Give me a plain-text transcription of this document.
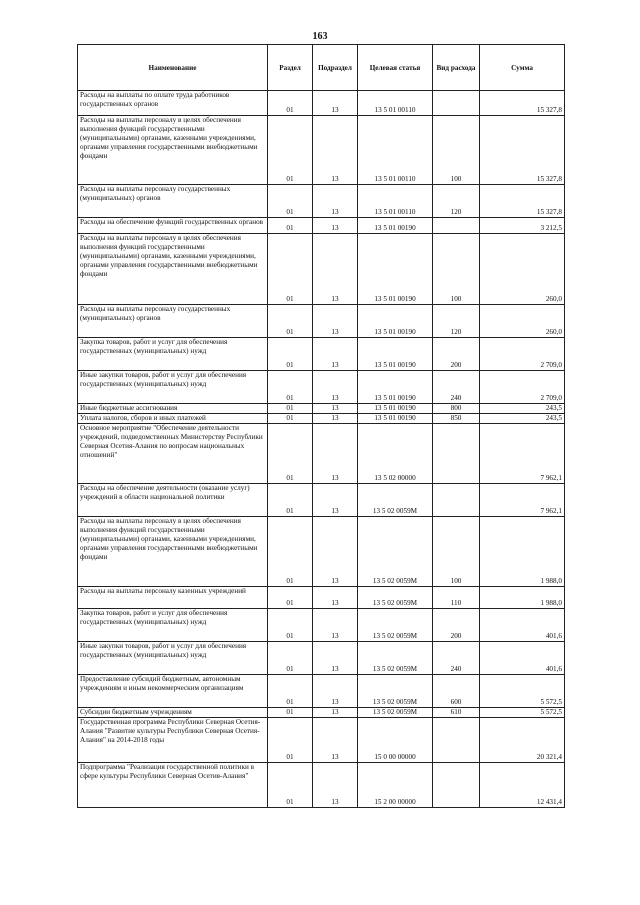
163
Наименование	Раздел	Подраздел	Целевая статья	Вид расхода	Сумма
Расходы на выплаты по оплате труда работников государственных органов	01	13	13 5 01 00110		15 327,8
Расходы на выплаты персоналу в целях обеспечения выполнения функций государственными (муниципальными) органами, казенными учреждениями, органами управления государственными внебюджетными фондами	01	13	13 5 01 00110	100	15 327,8
Расходы на выплаты персоналу государственных (муниципальных) органов	01	13	13 5 01 00110	120	15 327,8
Расходы на обеспечение функций государственных органов	01	13	13 5 01 00190		3 212,5
Расходы на выплаты персоналу в целях обеспечения выполнения функций государственными (муниципальными) органами, казенными учреждениями, органами управления государственными внебюджетными фондами	01	13	13 5 01 00190	100	260,0
Расходы на выплаты персоналу государственных (муниципальных) органов	01	13	13 5 01 00190	120	260,0
Закупка товаров, работ и услуг для обеспечения государственных (муниципальных) нужд	01	13	13 5 01 00190	200	2 709,0
Иные закупки товаров, работ и услуг для обеспечения государственных (муниципальных) нужд	01	13	13 5 01 00190	240	2 709,0
Иные бюджетные ассигнования	01	13	13 5 01 00190	800	243,5
Уплата налогов, сборов и иных платежей	01	13	13 5 01 00190	850	243,5
Основное мероприятие "Обеспечение деятельности учреждений, подведомственных Министерству Республики Северная Осетия-Алания по вопросам национальных отношений"	01	13	13 5 02 00000		7 962,1
Расходы на обеспечение деятельности (оказание услуг) учреждений в области национальной политики	01	13	13 5 02 0059М		7 962,1
Расходы на выплаты персоналу в целях обеспечения выполнения функций государственными (муниципальными) органами, казенными учреждениями, органами управления государственными внебюджетными фондами	01	13	13 5 02 0059М	100	1 988,0
Расходы на выплаты персоналу казенных учреждений	01	13	13 5 02 0059М	110	1 988,0
Закупка товаров, работ и услуг для обеспечения государственных (муниципальных) нужд	01	13	13 5 02 0059М	200	401,6
Иные закупки товаров, работ и услуг для обеспечения государственных (муниципальных) нужд	01	13	13 5 02 0059М	240	401,6
Предоставление субсидий бюджетным, автономным учреждениям и иным некоммерческим организациям	01	13	13 5 02 0059М	600	5 572,5
Субсидии бюджетным учреждениям	01	13	13 5 02 0059М	610	5 572,5
Государственная программа Республики Северная Осетия-Алания "Развитие культуры Республики Северная Осетия-Алания" на 2014-2018 годы	01	13	15 0 00 00000		20 321,4
Подпрограмма "Реализация государственной политики в сфере культуры Республики Северная Осетия-Алания"	01	13	15 2 00 00000		12 431,4
